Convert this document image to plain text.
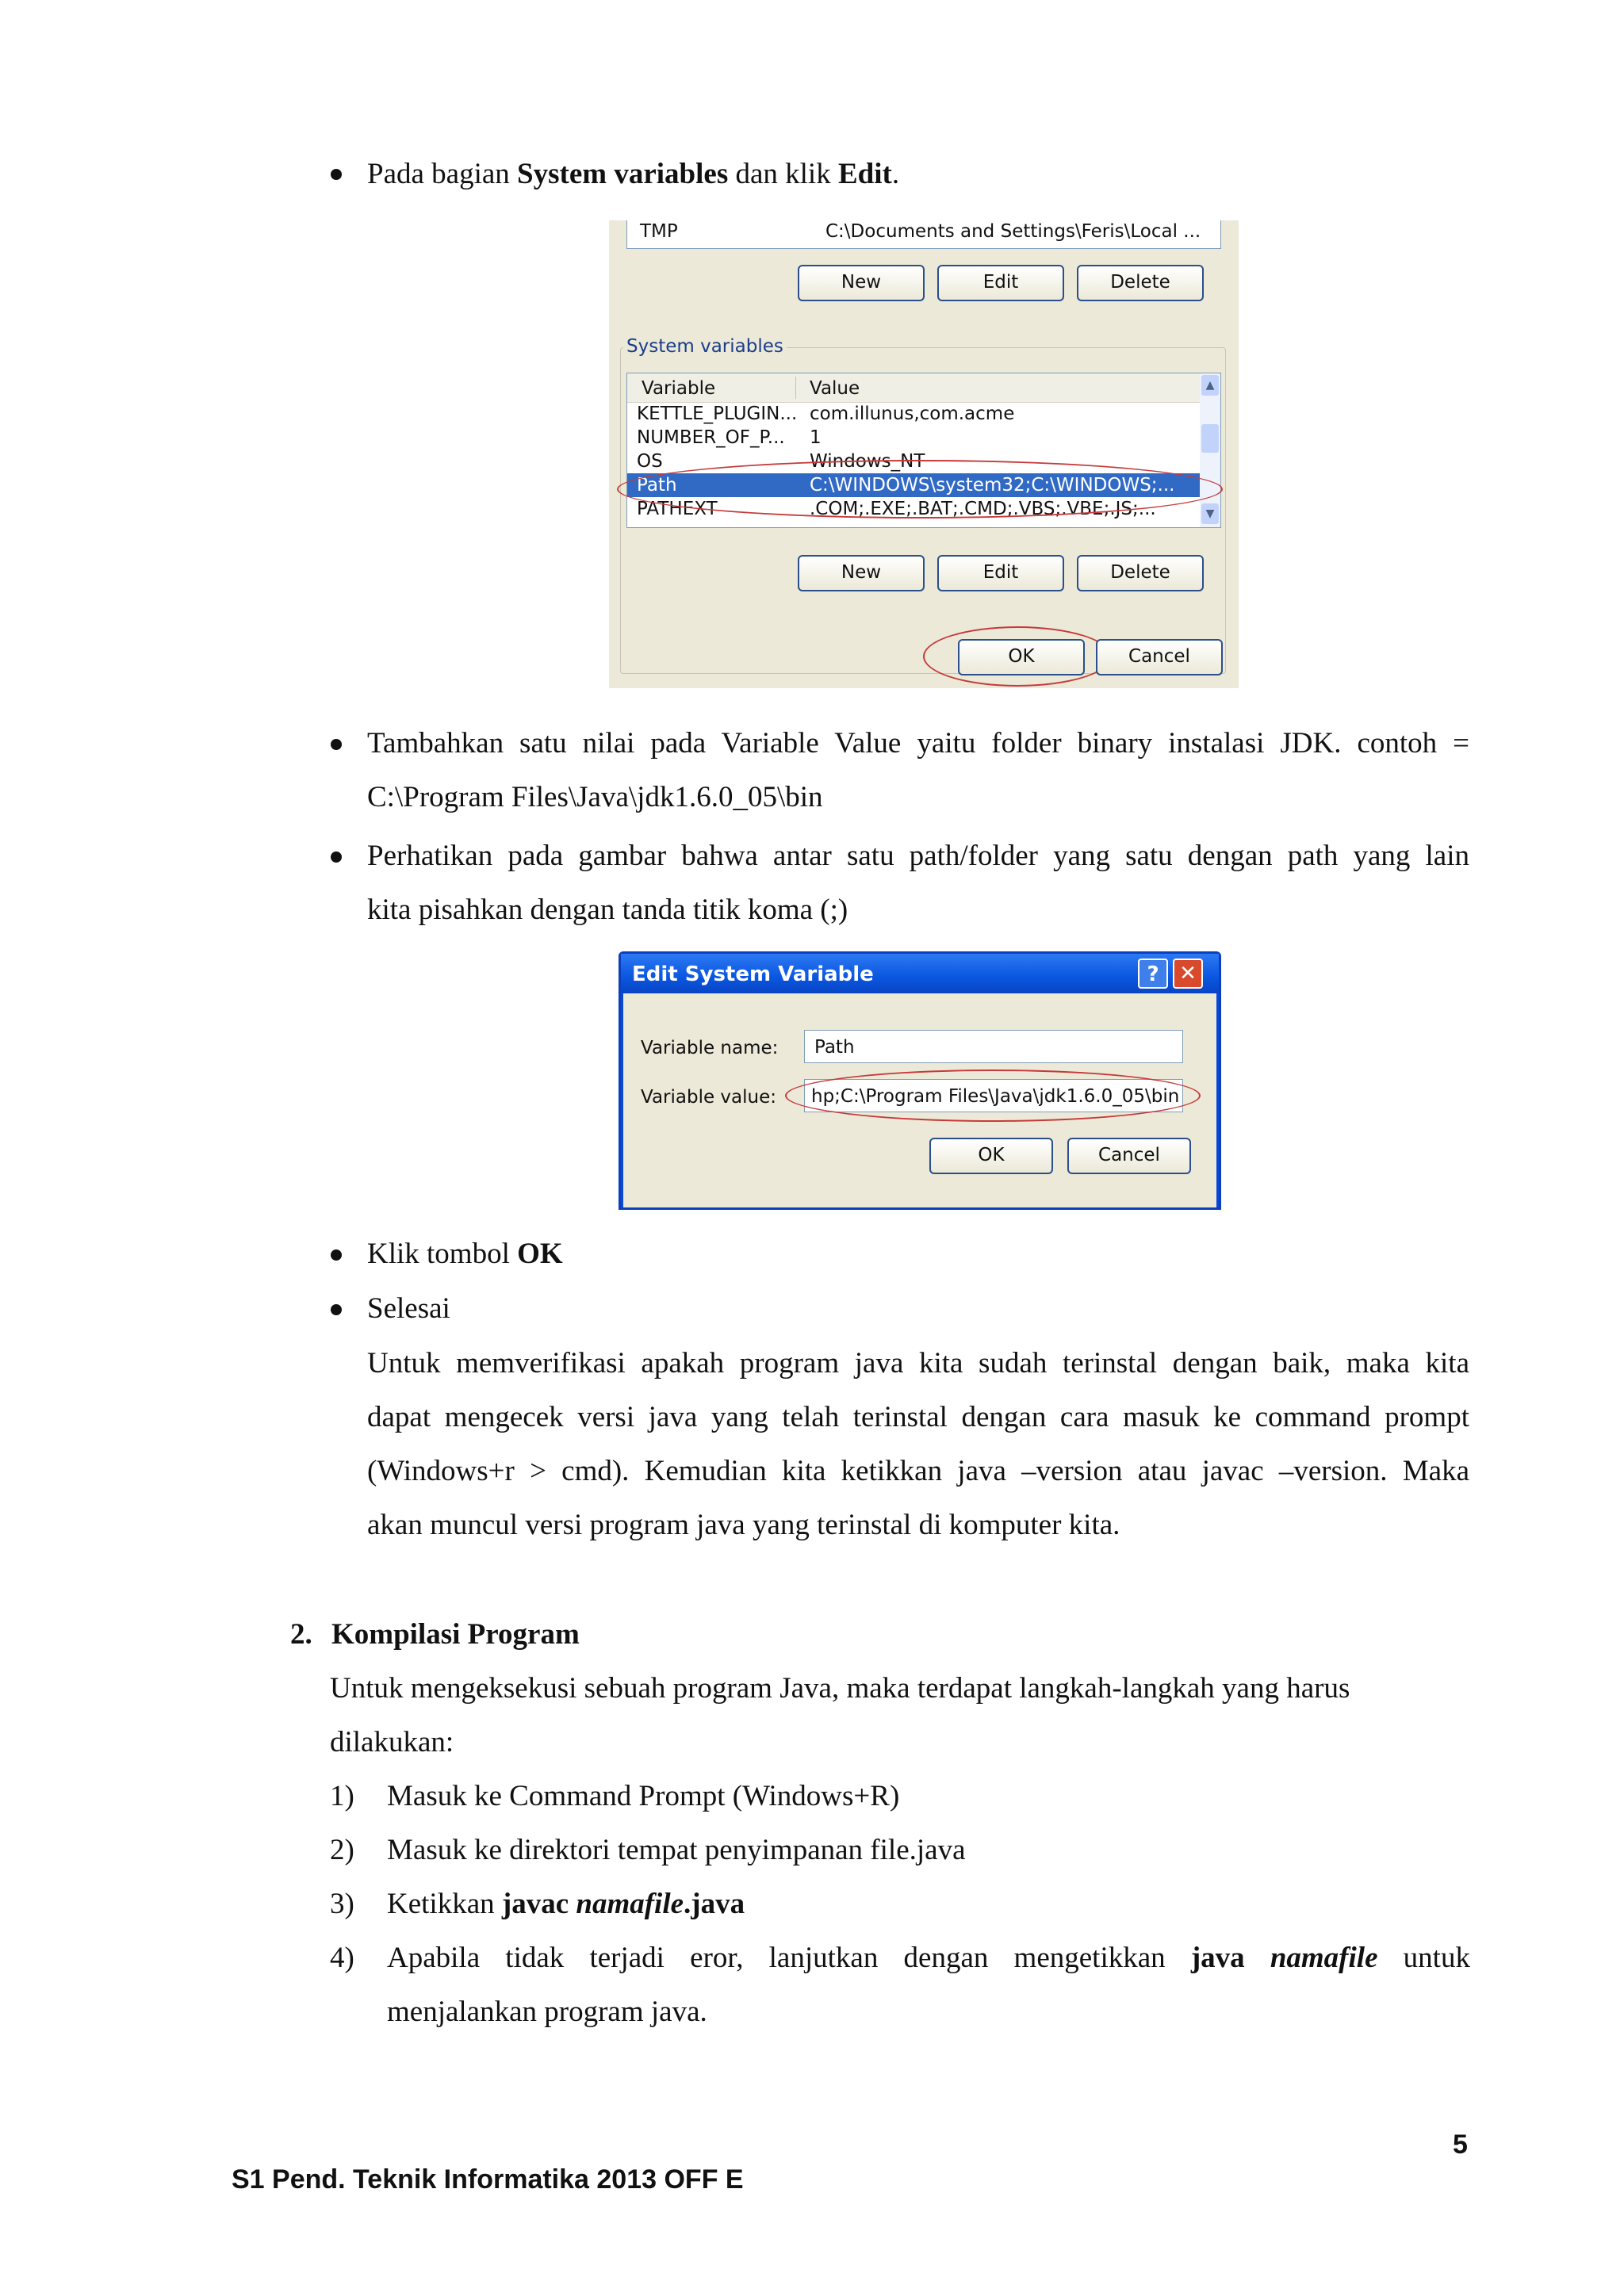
Pada bagian System variables dan klik Edit.
TMP	C:\Documents and Settings\Feris\Local ...
New	Edit	Delete
System variables
Variable	Value
KETTLE_PLUGIN... com.illunus,com.acme
NUMBER_OF_P... 1
OS	Windows_NT
Path	C:\WINDOWS\system32;C:\WINDOWS;...
PATHEXT	.COM;.EXE;.BAT;.CMD;.VBS;.VBE;.JS;...
▲
▼
New	Edit	Delete
OK	Cancel
Tambahkan satu nilai pada Variable Value yaitu folder binary instalasi JDK. contoh =
C:\Program Files\Java\jdk1.6.0_05\bin
Perhatikan pada gambar bahwa antar satu path/folder yang satu dengan path yang lain
kita pisahkan dengan tanda titik koma (;)
Edit System Variable	? ✕
Variable name: Path
Variable value: hp;C:\Program Files\Java\jdk1.6.0_05\bin
OK	Cancel
Klik tombol OK
Selesai
Untuk memverifikasi apakah program java kita sudah terinstal dengan baik, maka kita
dapat mengecek versi java yang telah terinstal dengan cara masuk ke command prompt
(Windows+r > cmd). Kemudian kita ketikkan java –version atau javac –version. Maka
akan muncul versi program java yang terinstal di komputer kita.
2. Kompilasi Program
Untuk mengeksekusi sebuah program Java, maka terdapat langkah-langkah yang harus
dilakukan:
1) Masuk ke Command Prompt (Windows+R)
2) Masuk ke direktori tempat penyimpanan file.java
3) Ketikkan javac namafile.java
4) Apabila tidak terjadi eror, lanjutkan dengan mengetikkan java namafile untuk
menjalankan program java.
5
S1 Pend. Teknik Informatika 2013 OFF E
